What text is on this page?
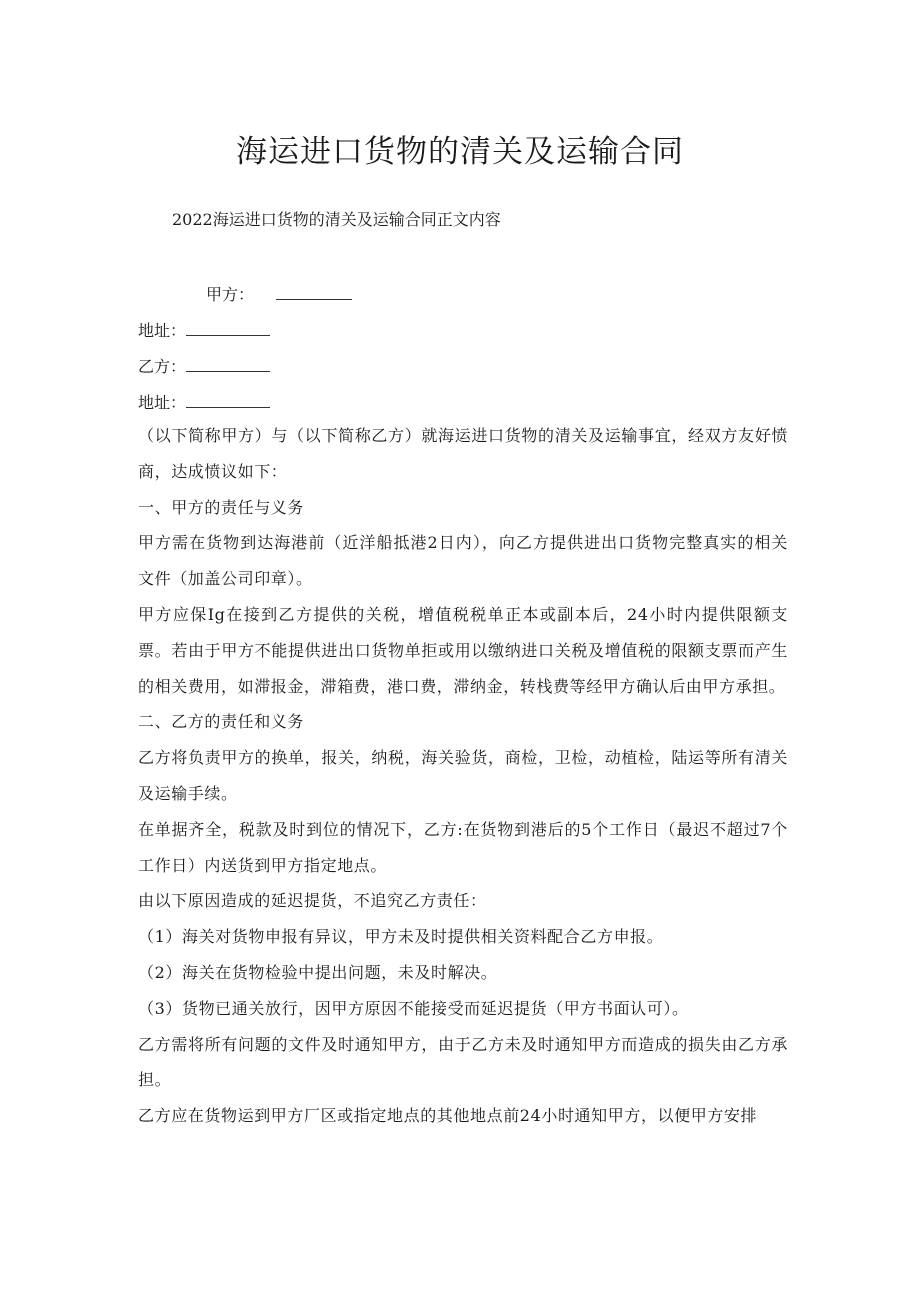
海运进口货物的清关及运输合同

2022海运进口货物的清关及运输合同正文内容

甲方：

地址：

乙方：

地址：

（以下简称甲方）与（以下简称乙方）就海运进口货物的清关及运输事宜，经双方友好愤商，达成愤议如下：

一、甲方的责任与义务

甲方需在货物到达海港前（近洋船抵港2日内），向乙方提供进出口货物完整真实的相关文件（加盖公司印章）。

甲方应保Ig在接到乙方提供的关税，增值税税单正本或副本后，24小时内提供限额支票。若由于甲方不能提供进出口货物单拒或用以缴纳进口关税及增值税的限额支票而产生的相关费用，如滞报金，滞箱费，港口费，滞纳金，转栈费等经甲方确认后由甲方承担。

二、乙方的责任和义务

乙方将负责甲方的换单，报关，纳税，海关验货，商检，卫检，动植检，陆运等所有清关及运输手续。

在单据齐全，税款及时到位的情况下，乙方:在货物到港后的5个工作日（最迟不超过7个工作日）内送货到甲方指定地点。

由以下原因造成的延迟提货，不追究乙方责任：

（1）海关对货物申报有异议，甲方未及时提供相关资料配合乙方申报。

（2）海关在货物检验中提出问题，未及时解决。

（3）货物已通关放行，因甲方原因不能接受而延迟提货（甲方书面认可）。

乙方需将所有问题的文件及时通知甲方，由于乙方未及时通知甲方而造成的损失由乙方承担。

乙方应在货物运到甲方厂区或指定地点的其他地点前24小时通知甲方，以便甲方安排
